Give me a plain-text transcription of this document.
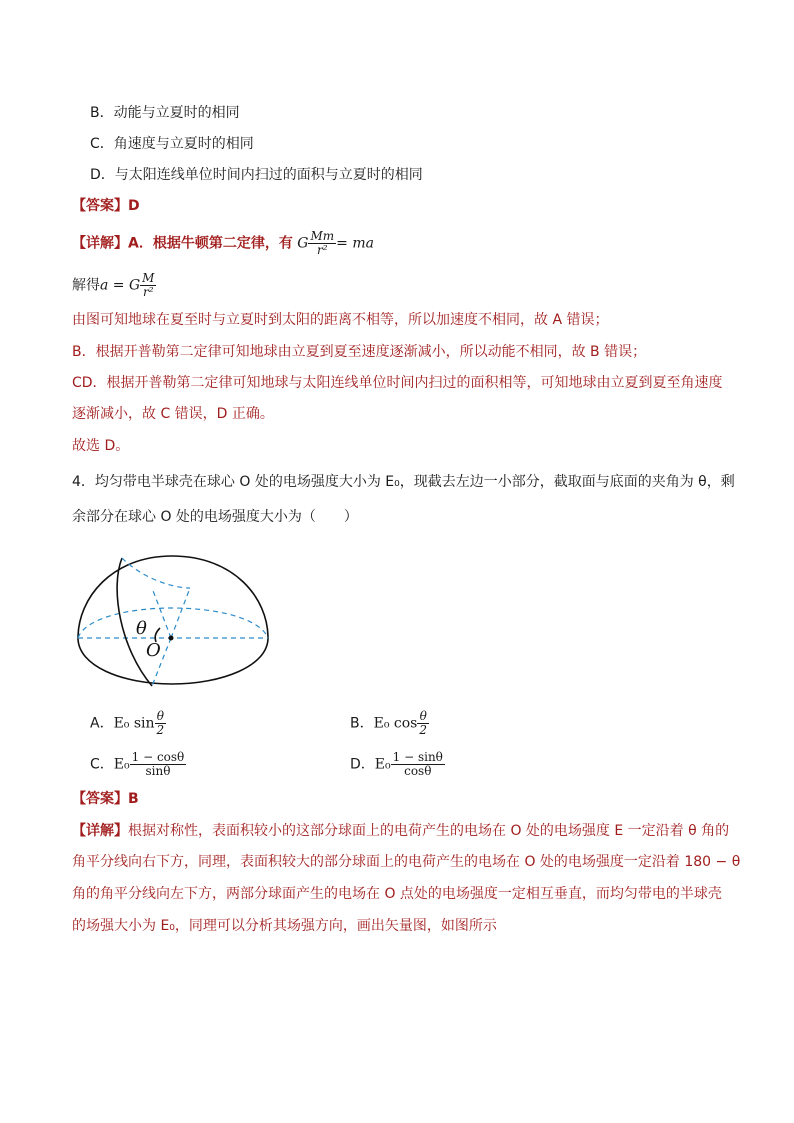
B．动能与立夏时的相同
C．角速度与立夏时的相同
D．与太阳连线单位时间内扫过的面积与立夏时的相同
【答案】D
【详解】A．根据牛顿第二定律，有 G $\frac{Mm}{\text{r²}}$ = ma
解得a = G $\frac{M}{\text{r²}}$
由图可知地球在夏至时与立夏时到太阳的距离不相等，所以加速度不相同，故 A 错误；
B．根据开普勒第二定律可知地球由立夏到夏至速度逐渐减小，所以动能不相同，故 B 错误；
CD．根据开普勒第二定律可知地球与太阳连线单位时间内扫过的面积相等，可知地球由立夏到夏至角速度
逐渐减小，故 C 错误，D 正确。
故选 D。
4．均匀带电半球壳在球心 O 处的电场强度大小为 E₀，现截去左边一小部分，截取面与底面的夹角为 θ，剩
余部分在球心 O 处的电场强度大小为（　　）
θ
O
A．E₀ $\sin \frac{\theta}{2}$	B．E₀ $\cos \frac{\theta}{2}$
C．$E_0 \frac{1 - \cos\theta}{\sin\theta}$	D．$E_0 \frac{1 - \sin\theta}{\cos\theta}$
【答案】B
【详解】根据对称性，表面积较小的这部分球面上的电荷产生的电场在 O 处的电场强度 E 一定沿着 θ 角的
角平分线向右下方，同理，表面积较大的部分球面上的电荷产生的电场在 O 处的电场强度一定沿着 180 − θ
角的角平分线向左下方，两部分球面产生的电场在 O 点处的电场强度一定相互垂直，而均匀带电的半球壳
的场强大小为 E₀，同理可以分析其场强方向，画出矢量图，如图所示
